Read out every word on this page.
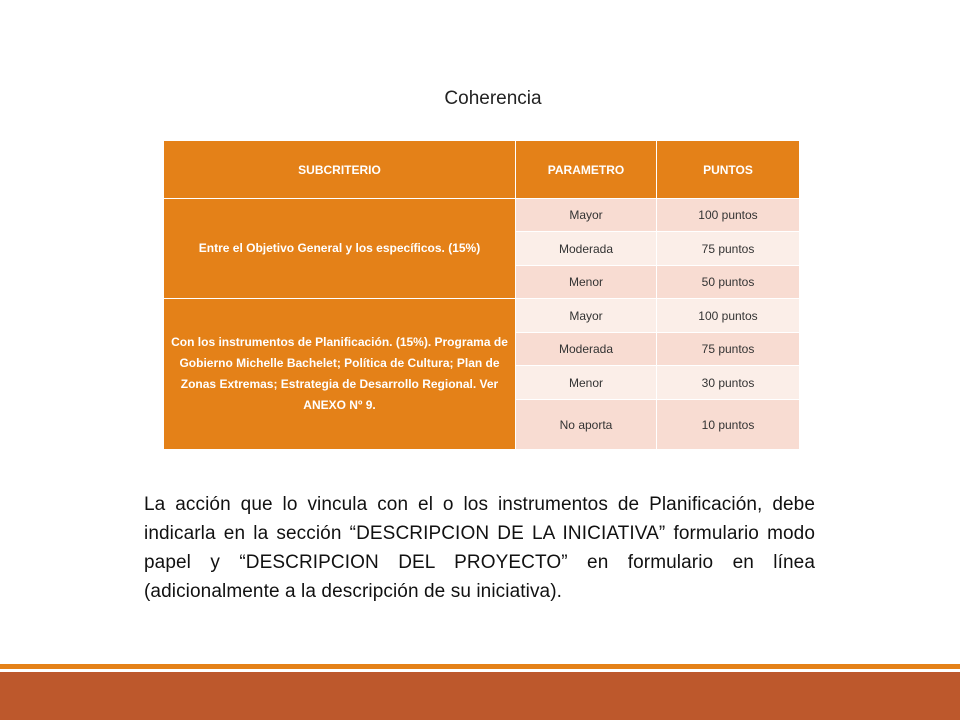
Coherencia
SUBCRITERIO	PARAMETRO	PUNTOS
Entre el Objetivo General y los específicos. (15%)	Mayor	100 puntos
	Moderada	75 puntos
	Menor	50 puntos
Con los instrumentos de Planificación. (15%). Programa de Gobierno Michelle Bachelet; Política de Cultura; Plan de Zonas Extremas; Estrategia de Desarrollo Regional. Ver ANEXO Nº 9.	Mayor	100 puntos
	Moderada	75 puntos
	Menor	30 puntos
	No aporta	10 puntos
La acción que lo vincula con el o los instrumentos de Planificación, debe indicarla en la sección “DESCRIPCION DE LA INICIATIVA” formulario modo papel y “DESCRIPCION DEL PROYECTO” en formulario en línea (adicionalmente a la descripción de su iniciativa).
